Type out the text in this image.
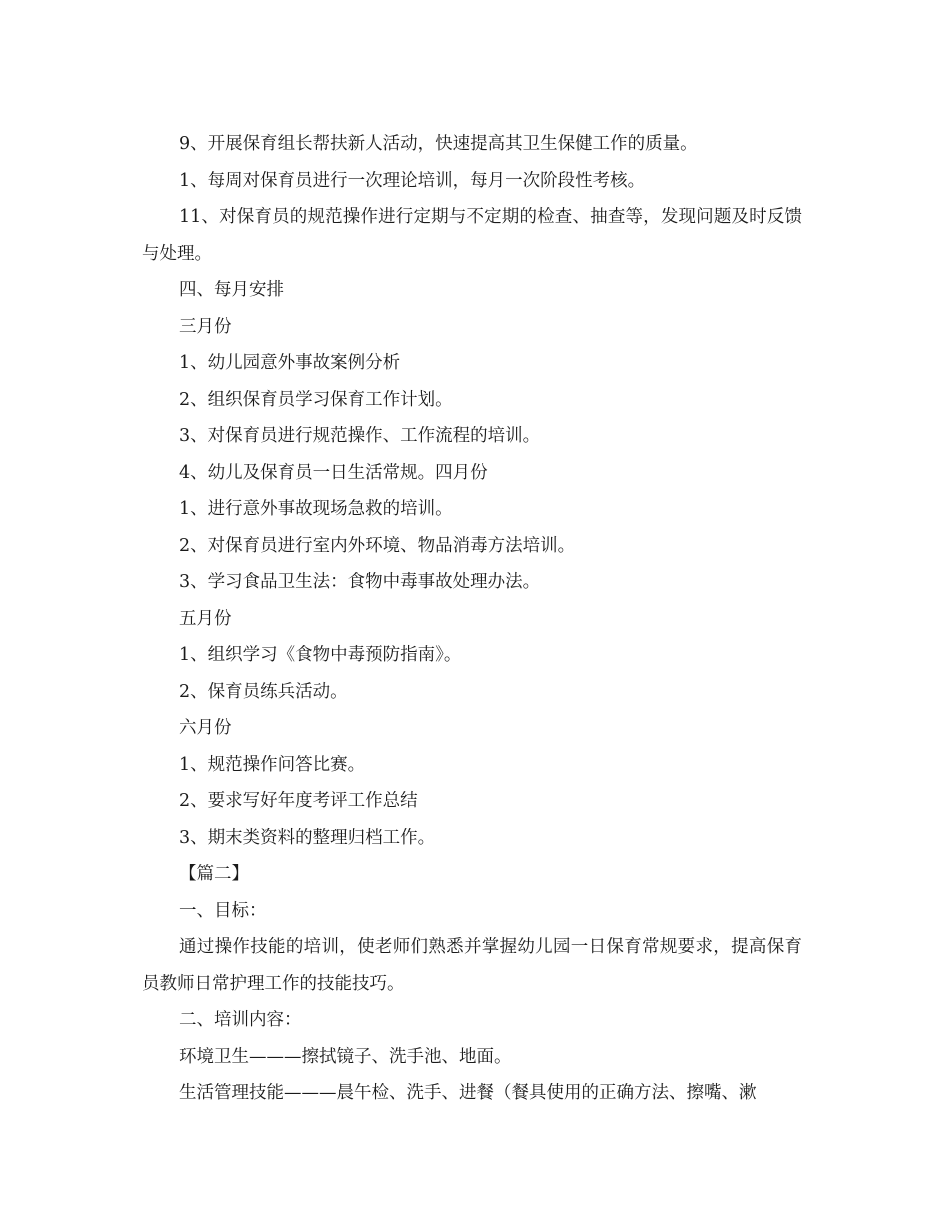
9、开展保育组长帮扶新人活动，快速提高其卫生保健工作的质量。

1、每周对保育员进行一次理论培训，每月一次阶段性考核。

11、对保育员的规范操作进行定期与不定期的检查、抽查等，发现问题及时反馈与处理。

四、每月安排

三月份

1、幼儿园意外事故案例分析

2、组织保育员学习保育工作计划。

3、对保育员进行规范操作、工作流程的培训。

4、幼儿及保育员一日生活常规。四月份

1、进行意外事故现场急救的培训。

2、对保育员进行室内外环境、物品消毒方法培训。

3、学习食品卫生法：食物中毒事故处理办法。

五月份

1、组织学习《食物中毒预防指南》。

2、保育员练兵活动。

六月份

1、规范操作问答比赛。

2、要求写好年度考评工作总结

3、期末类资料的整理归档工作。

【篇二】

一、目标：

通过操作技能的培训，使老师们熟悉并掌握幼儿园一日保育常规要求，提高保育员教师日常护理工作的技能技巧。

二、培训内容：

环境卫生———擦拭镜子、洗手池、地面。

生活管理技能———晨午检、洗手、进餐（餐具使用的正确方法、擦嘴、漱
